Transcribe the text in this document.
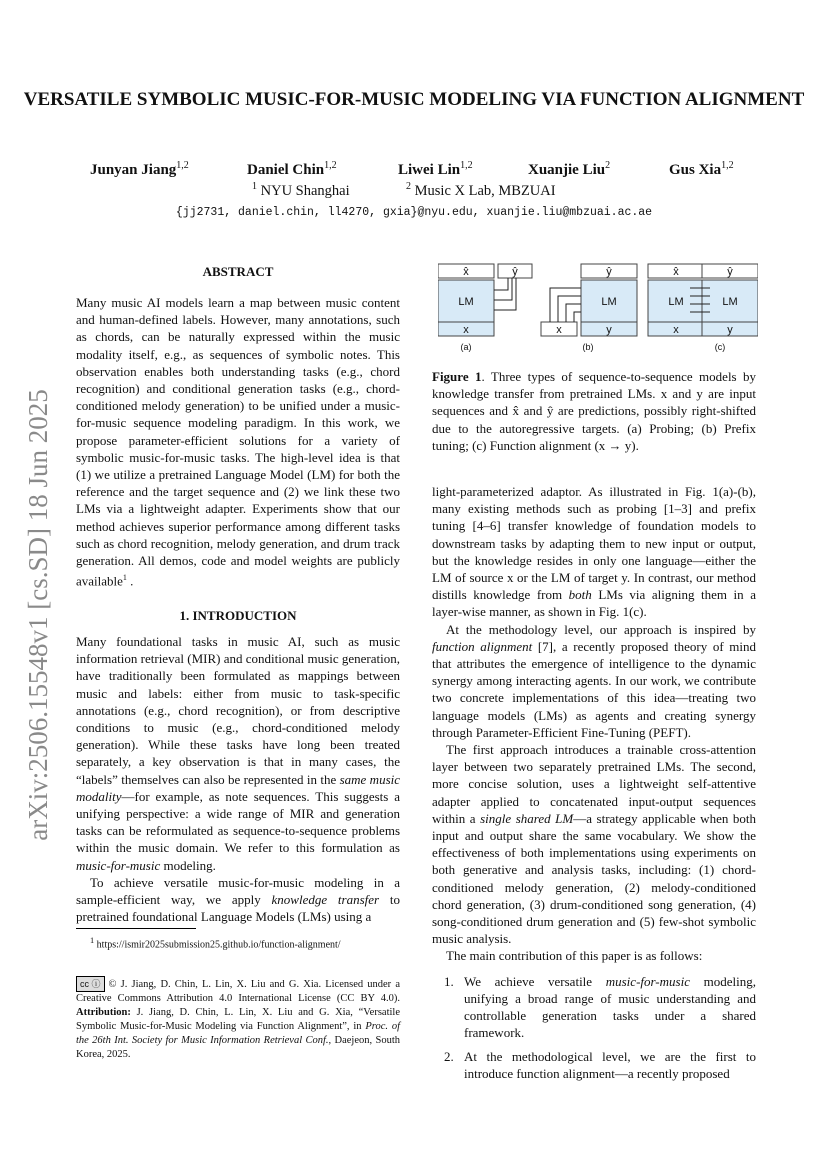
arXiv:2506.15548v1 [cs.SD] 18 Jun 2025
VERSATILE SYMBOLIC MUSIC-FOR-MUSIC MODELING VIA FUNCTION ALIGNMENT
Junyan Jiang$^{1,2}$	Daniel Chin$^{1,2}$	Liwei Lin$^{1,2}$	Xuanjie Liu$^2$	Gus Xia$^{1,2}$
$^1$ NYU Shanghai	$^2$ Music X Lab, MBZUAI
{jj2731, daniel.chin, ll4270, gxia}@nyu.edu, xuanjie.liu@mbzuai.ac.ae
ABSTRACT

Many music AI models learn a map between music content and human-defined labels. However, many annotations, such as chords, can be naturally expressed within the music modality itself, e.g., as sequences of symbolic notes. This observation enables both understanding tasks (e.g., chord recognition) and conditional generation tasks (e.g., chord-conditioned melody generation) to be unified under a music-for-music sequence modeling paradigm. In this work, we propose parameter-efficient solutions for a variety of symbolic music-for-music tasks. The high-level idea is that (1) we utilize a pretrained Language Model (LM) for both the reference and the target sequence and (2) we link these two LMs via a lightweight adapter. Experiments show that our method achieves superior performance among different tasks such as chord recognition, melody generation, and drum track generation. All demos, code and model weights are publicly available$^1$ .

1. INTRODUCTION

Many foundational tasks in music AI, such as music information retrieval (MIR) and conditional music generation, have traditionally been formulated as mappings between music and labels: either from music to task-specific annotations (e.g., chord recognition), or from descriptive conditions to music (e.g., chord-conditioned melody generation). While these tasks have long been treated separately, a key observation is that in many cases, the “labels” themselves can also be represented in the same music modality—for example, as note sequences. This suggests a unifying perspective: a wide range of MIR and generation tasks can be reformulated as sequence-to-sequence problems within the music domain. We refer to this formulation as music-for-music modeling.

To achieve versatile music-for-music modeling in a sample-efficient way, we apply knowledge transfer to pretrained foundational Language Models (LMs) using a

$^1$ https://ismir2025submission25.github.io/function-alignment/
cc ⓘ © J. Jiang, D. Chin, L. Lin, X. Liu and G. Xia. Licensed under a Creative Commons Attribution 4.0 International License (CC BY 4.0). Attribution: J. Jiang, D. Chin, L. Lin, X. Liu and G. Xia, “Versatile Symbolic Music-for-Music Modeling via Function Alignment”, in Proc. of the 26th Int. Society for Music Information Retrieval Conf., Daejeon, South Korea, 2025.
x̂	ŷ
LM
x
(a)
x
ŷ
LM
y
(b)
x̂
LM
x
ŷ
LM
y
(c)

Figure 1. Three types of sequence-to-sequence models by knowledge transfer from pretrained LMs. x and y are input sequences and x̂ and ŷ are predictions, possibly right-shifted due to the autoregressive targets. (a) Probing; (b) Prefix tuning; (c) Function alignment (x → y).

light-parameterized adaptor. As illustrated in Fig. 1(a)-(b), many existing methods such as probing [1–3] and prefix tuning [4–6] transfer knowledge of foundation models to downstream tasks by adapting them to new input or output, but the knowledge resides in only one language—either the LM of source x or the LM of target y. In contrast, our method distills knowledge from both LMs via aligning them in a layer-wise manner, as shown in Fig. 1(c).

At the methodology level, our approach is inspired by function alignment [7], a recently proposed theory of mind that attributes the emergence of intelligence to the dynamic synergy among interacting agents. In our work, we contribute two concrete implementations of this idea—treating two language models (LMs) as agents and creating synergy through Parameter-Efficient Fine-Tuning (PEFT).

The first approach introduces a trainable cross-attention layer between two separately pretrained LMs. The second, more concise solution, uses a lightweight self-attentive adapter applied to concatenated input-output sequences within a single shared LM—a strategy applicable when both input and output share the same vocabulary. We show the effectiveness of both implementations using experiments on both generative and analysis tasks, including: (1) chord-conditioned melody generation, (2) melody-conditioned chord generation, (3) drum-conditioned song generation, (4) song-conditioned drum generation and (5) few-shot symbolic music analysis.

The main contribution of this paper is as follows:

1. We achieve versatile music-for-music modeling, unifying a broad range of music understanding and controllable generation tasks under a shared framework.
2. At the methodological level, we are the first to introduce function alignment—a recently proposed
